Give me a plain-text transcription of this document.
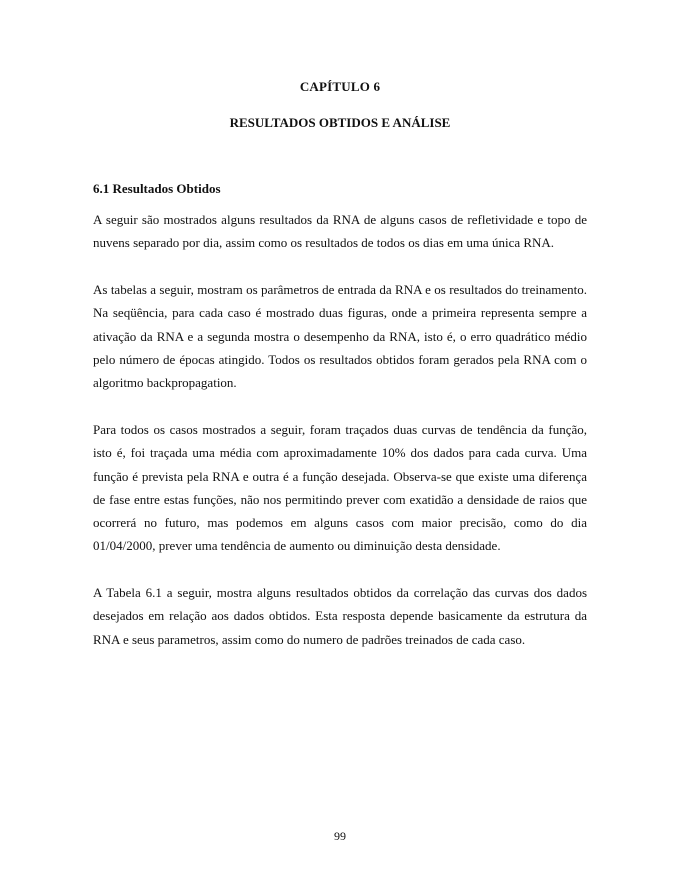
CAPÍTULO 6
RESULTADOS OBTIDOS E ANÁLISE
6.1 Resultados Obtidos

A seguir são mostrados alguns resultados da RNA de alguns casos de refletividade e topo de nuvens separado por dia, assim como os resultados de todos os dias em uma única RNA.

As tabelas a seguir, mostram os parâmetros de entrada da RNA e os resultados do treinamento. Na seqüência, para cada caso é mostrado duas figuras, onde a primeira representa sempre a ativação da RNA e a segunda mostra o desempenho da RNA, isto é, o erro quadrático médio pelo número de épocas atingido. Todos os resultados obtidos foram gerados pela RNA com o algoritmo backpropagation.

Para todos os casos mostrados a seguir, foram traçados duas curvas de tendência da função, isto é, foi traçada uma média com aproximadamente 10% dos dados para cada curva. Uma função é prevista pela RNA e outra é a função desejada. Observa-se que existe uma diferença de fase entre estas funções, não nos permitindo prever com exatidão a densidade de raios que ocorrerá no futuro, mas podemos em alguns casos com maior precisão, como do dia 01/04/2000, prever uma tendência de aumento ou diminuição desta densidade.

A Tabela 6.1 a seguir, mostra alguns resultados obtidos da correlação das curvas dos dados desejados em relação aos dados obtidos. Esta resposta depende basicamente da estrutura da RNA e seus parametros, assim como do numero de padrões treinados de cada caso.

99
